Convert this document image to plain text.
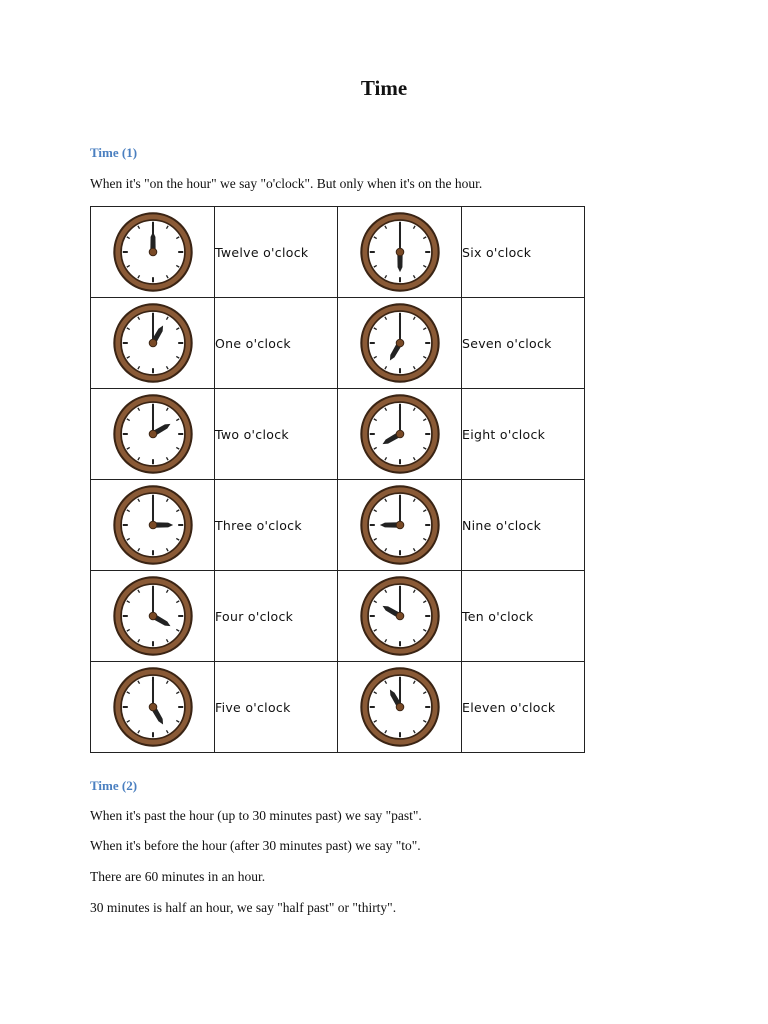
Time
Time (1)
When it's "on the hour" we say "o'clock". But only when it's on the hour.
	Twelve o'clock		Six o'clock

	One o'clock		Seven o'clock

	Two o'clock		Eight o'clock

	Three o'clock		Nine o'clock

	Four o'clock		Ten o'clock

	Five o'clock		Eleven o'clock
Time (2)
When it's past the hour (up to 30 minutes past) we say "past".
When it's before the hour (after 30 minutes past) we say "to".
There are 60 minutes in an hour.
30 minutes is half an hour, we say "half past" or "thirty".
